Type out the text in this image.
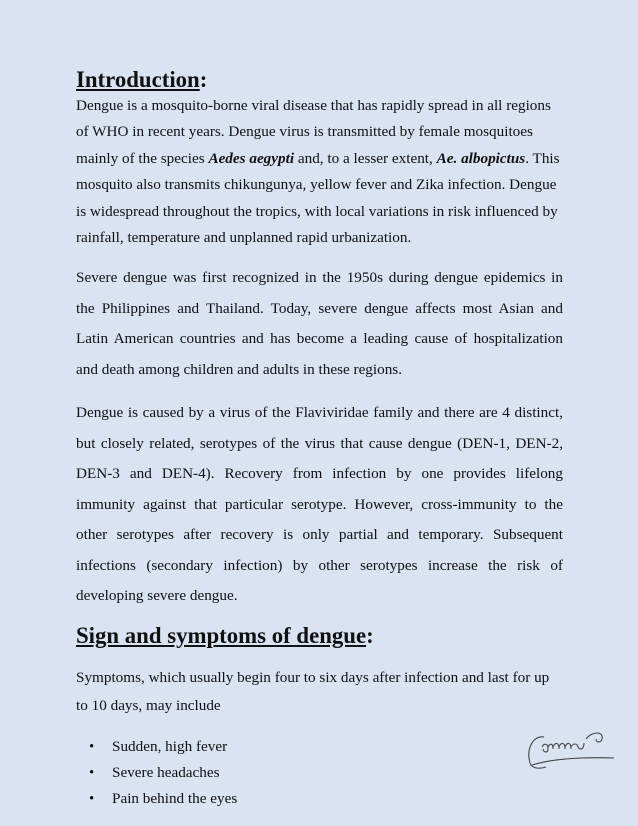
Introduction:

Dengue is a mosquito-borne viral disease that has rapidly spread in all regions of WHO in recent years. Dengue virus is transmitted by female mosquitoes mainly of the species Aedes aegypti and, to a lesser extent, Ae. albopictus. This mosquito also transmits chikungunya, yellow fever and Zika infection. Dengue is widespread throughout the tropics, with local variations in risk influenced by rainfall, temperature and unplanned rapid urbanization.

Severe dengue was first recognized in the 1950s during dengue epidemics in the Philippines and Thailand. Today, severe dengue affects most Asian and Latin American countries and has become a leading cause of hospitalization and death among children and adults in these regions.

Dengue is caused by a virus of the Flaviviridae family and there are 4 distinct, but closely related, serotypes of the virus that cause dengue (DEN-1, DEN-2, DEN-3 and DEN-4). Recovery from infection by one provides lifelong immunity against that particular serotype. However, cross-immunity to the other serotypes after recovery is only partial and temporary. Subsequent infections (secondary infection) by other serotypes increase the risk of developing severe dengue.

Sign and symptoms of dengue:

Symptoms, which usually begin four to six days after infection and last for up to 10 days, may include

• Sudden, high fever
• Severe headaches
• Pain behind the eyes
